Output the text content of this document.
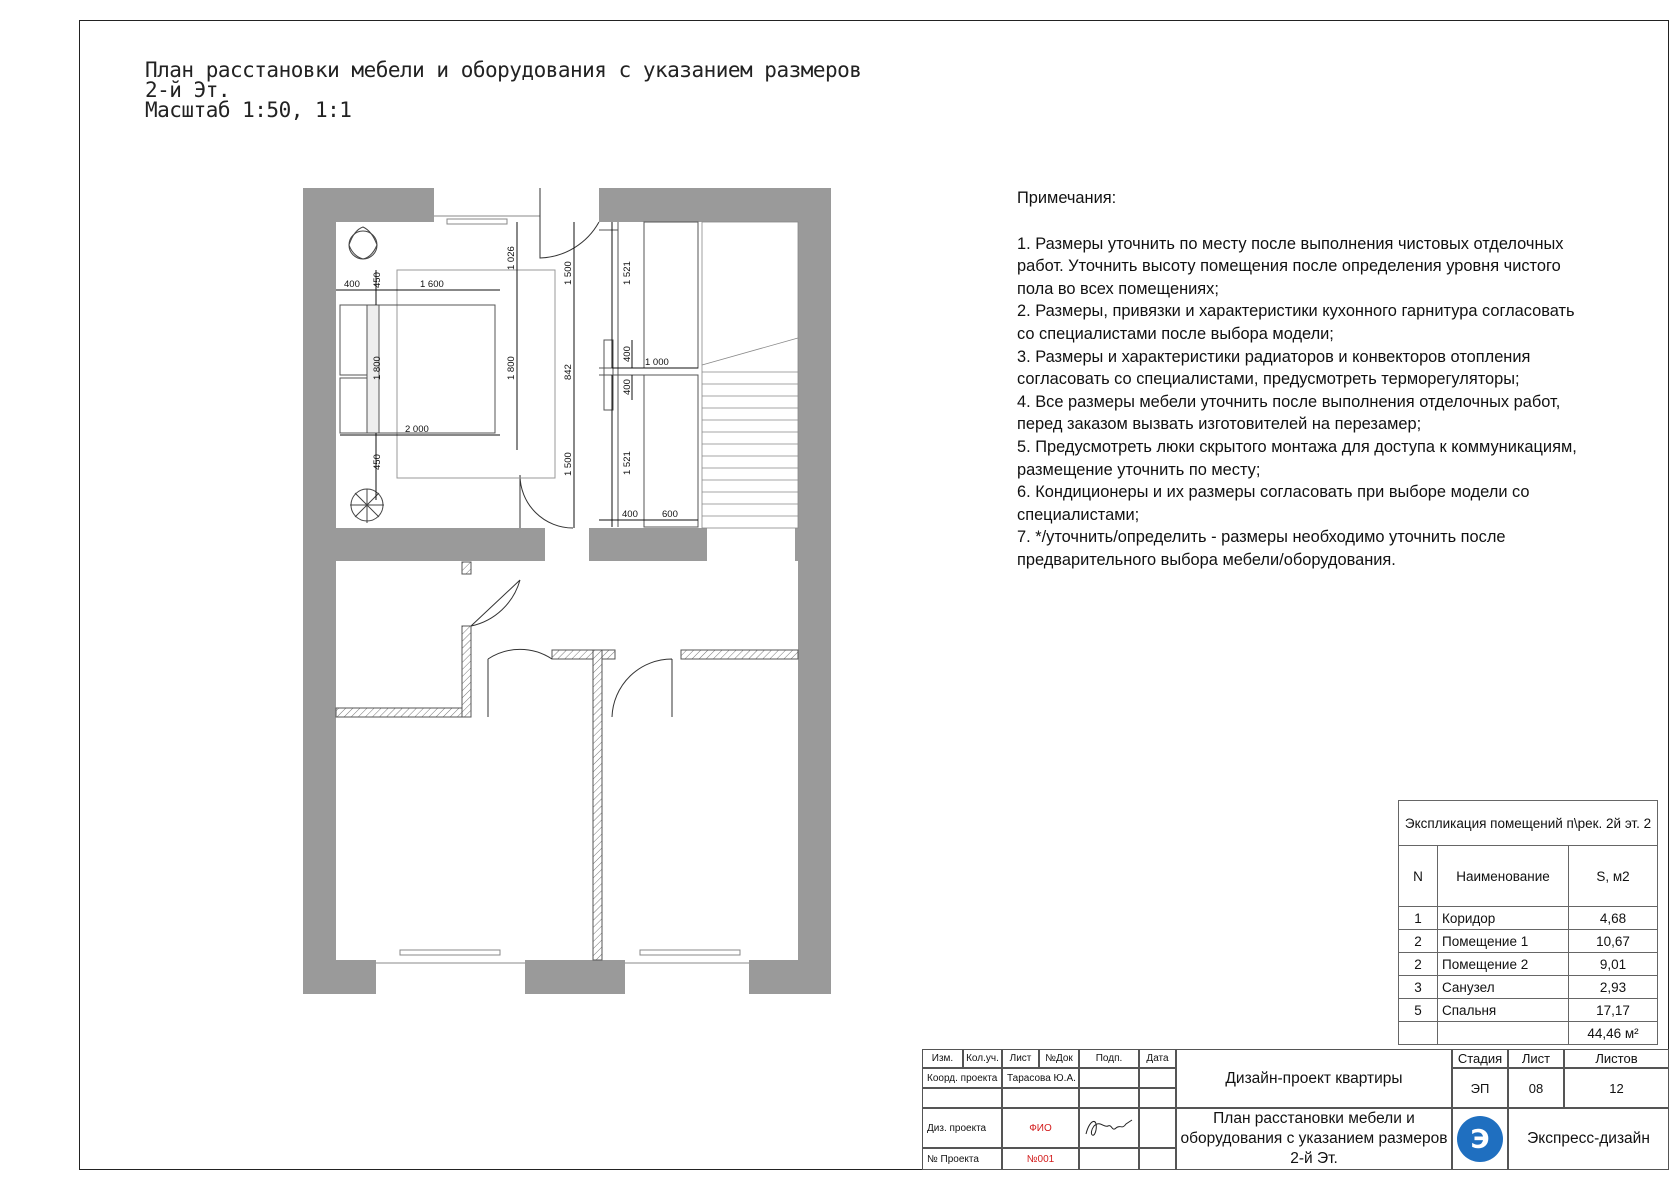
План расстановки мебели и оборудования с указанием размеров
2-й Эт.
Масштаб 1:50, 1:1
400 450	1 600
1 026
1 500
1 800	1 800
2 000
842
450	1 500
1 521
1 521
400
400
1 000
400	600
Примечания:
1. Размеры уточнить по месту после выполнения чистовых отделочных работ. Уточнить высоту помещения после определения уровня чистого пола во всех помещениях;
2. Размеры, привязки и характеристики кухонного гарнитура согласовать со специалистами после выбора модели;
3. Размеры и характеристики радиаторов и конвекторов отопления согласовать со специалистами, предусмотреть терморегуляторы;
4. Все размеры мебели уточнить после выполнения отделочных работ, перед заказом вызвать изготовителей на перезамер;
5. Предусмотреть люки скрытого монтажа для доступа к коммуникациям, размещение уточнить по месту;
6. Кондиционеры и их размеры согласовать при выборе модели со специалистами;
7. */уточнить/определить - размеры необходимо уточнить после предварительного выбора мебели/оборудования.
Экспликация помещений п\рек. 2й эт. 2		
N	Наименование	S, м2
1	Коридор	4,68
2	Помещение 1	10,67
2	Помещение 2	9,01
3	Санузел	2,93
5	Спальня	17,17
		44,46 м²
Изм.	Кол.уч.	Лист	№Док	Подп.	Дата
Коорд. проекта Тарасова Ю.А.
Диз. проекта	ФИО
№ Проекта	№001
Дизайн-проект квартиры
План расстановки мебели и оборудования с указанием размеров 2-й Эт.
Стадия	Лист	Листов
ЭП	08	12
Э	Экспресс-дизайн
